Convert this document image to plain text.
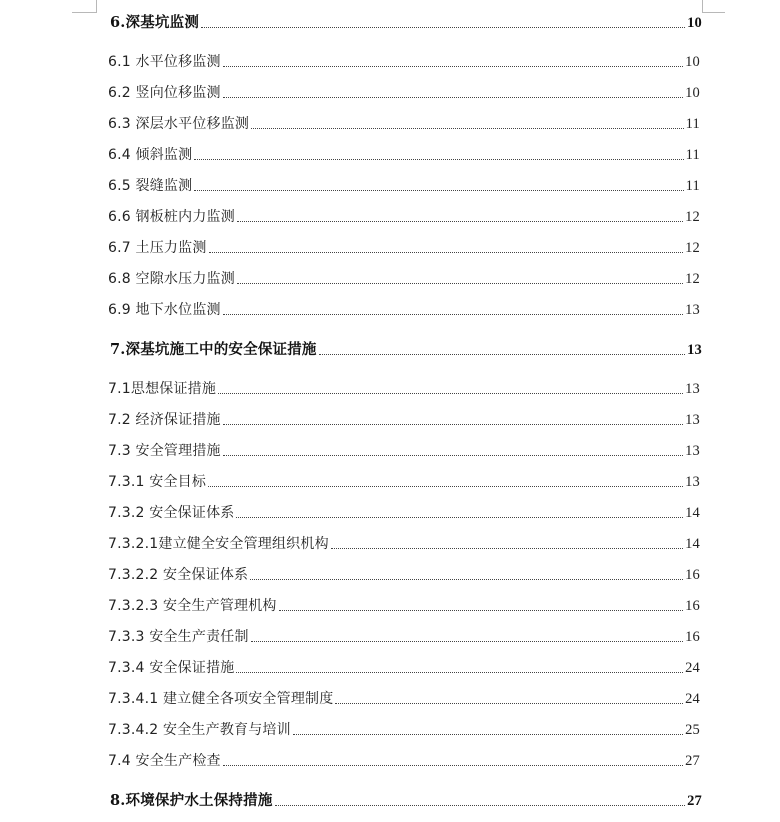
6.深基坑监测	10
6.1 水平位移监测	10
6.2 竖向位移监测	10
6.3 深层水平位移监测	11
6.4 倾斜监测	11
6.5 裂缝监测	11
6.6 钢板桩内力监测	12
6.7 土压力监测	12
6.8 空隙水压力监测	12
6.9 地下水位监测	13
7.深基坑施工中的安全保证措施	13
7.1思想保证措施	13
7.2 经济保证措施	13
7.3 安全管理措施	13
7.3.1 安全目标	13
7.3.2 安全保证体系	14
7.3.2.1建立健全安全管理组织机构	14
7.3.2.2 安全保证体系	16
7.3.2.3 安全生产管理机构	16
7.3.3 安全生产责任制	16
7.3.4 安全保证措施	24
7.3.4.1 建立健全各项安全管理制度	24
7.3.4.2 安全生产教育与培训	25
7.4 安全生产检查	27
8.环境保护水土保持措施	27
